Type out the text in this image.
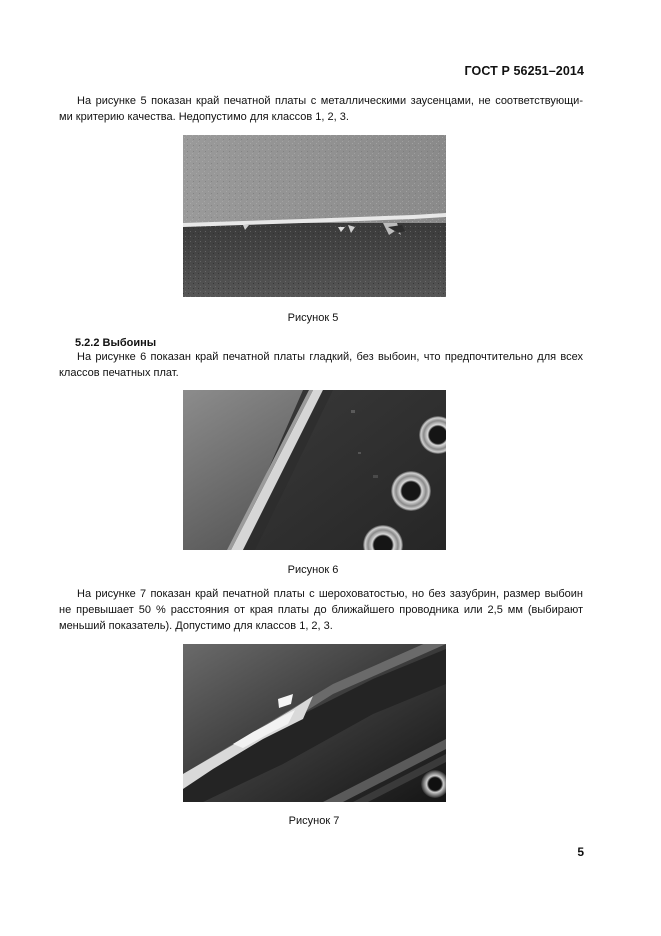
ГОСТ Р 56251–2014
На рисунке 5 показан край печатной платы с металлическими заусенцами, не соответствующи-
ми критерию качества. Недопустимо для классов 1, 2, 3.
Рисунок 5
5.2.2 Выбоины
На рисунке 6 показан край печатной платы гладкий, без выбоин, что предпочтительно для всех
классов печатных плат.
Рисунок 6
На рисунке 7 показан край печатной платы с шероховатостью, но без зазубрин, размер выбоин
не превышает 50 % расстояния от края платы до ближайшего проводника или 2,5 мм (выбирают
меньший показатель). Допустимо для классов 1, 2, 3.
Рисунок 7
5
